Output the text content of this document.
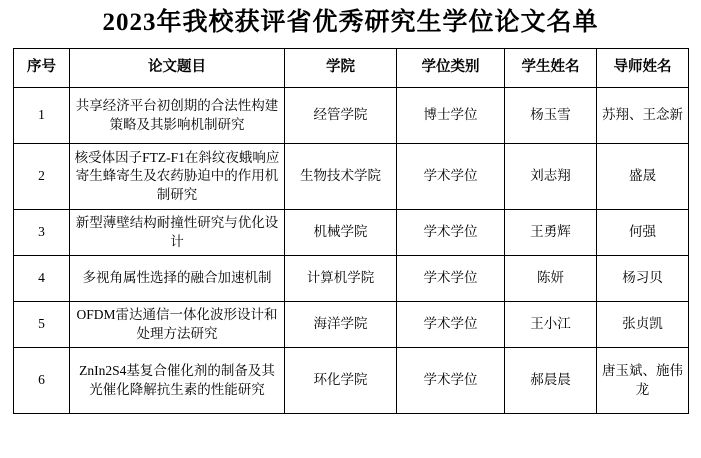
2023年我校获评省优秀研究生学位论文名单
序号	论文题目	学院	学位类别	学生姓名	导师姓名
1	共享经济平台初创期的合法性构建策略及其影响机制研究	经管学院	博士学位	杨玉雪	苏翔、王念新
2	核受体因子FTZ-F1在斜纹夜蛾响应寄生蜂寄生及农药胁迫中的作用机制研究	生物技术学院	学术学位	刘志翔	盛晟
3	新型薄壁结构耐撞性研究与优化设计	机械学院	学术学位	王勇辉	何强
4	多视角属性选择的融合加速机制	计算机学院	学术学位	陈妍	杨习贝
5	OFDM雷达通信一体化波形设计和处理方法研究	海洋学院	学术学位	王小江	张贞凯
6	ZnIn2S4基复合催化剂的制备及其光催化降解抗生素的性能研究	环化学院	学术学位	郝晨晨	唐玉斌、施伟龙
